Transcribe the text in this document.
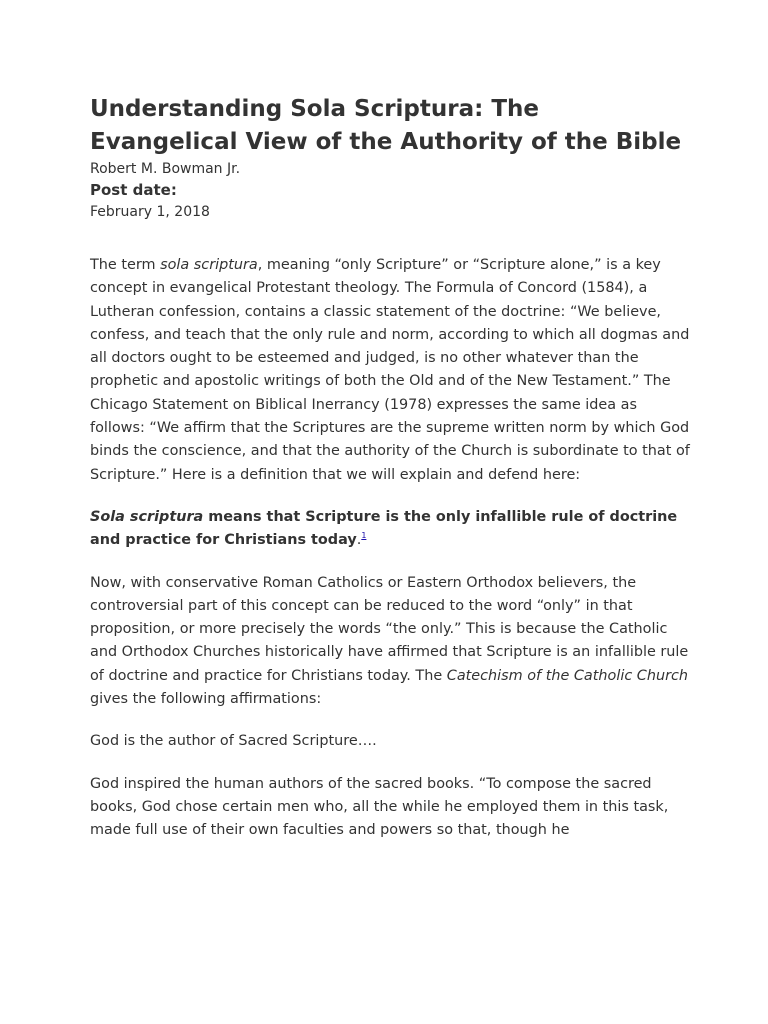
Understanding Sola Scriptura: The Evangelical View of the Authority of the Bible

Robert M. Bowman Jr.

Post date:

February 1, 2018

The term sola scriptura, meaning “only Scripture” or “Scripture alone,” is a key concept in evangelical Protestant theology. The Formula of Concord (1584), a Lutheran confession, contains a classic statement of the doctrine: “We believe, confess, and teach that the only rule and norm, according to which all dogmas and all doctors ought to be esteemed and judged, is no other whatever than the prophetic and apostolic writings of both the Old and of the New Testament.” The Chicago Statement on Biblical Inerrancy (1978) expresses the same idea as follows: “We affirm that the Scriptures are the supreme written norm by which God binds the conscience, and that the authority of the Church is subordinate to that of Scripture.” Here is a definition that we will explain and defend here:

Sola scriptura means that Scripture is the only infallible rule of doctrine and practice for Christians today.$^1$

Now, with conservative Roman Catholics or Eastern Orthodox believers, the controversial part of this concept can be reduced to the word “only” in that proposition, or more precisely the words “the only.” This is because the Catholic and Orthodox Churches historically have affirmed that Scripture is an infallible rule of doctrine and practice for Christians today. The Catechism of the Catholic Church gives the following affirmations:

God is the author of Sacred Scripture….

God inspired the human authors of the sacred books. “To compose the sacred books, God chose certain men who, all the while he employed them in this task, made full use of their own faculties and powers so that, though he
